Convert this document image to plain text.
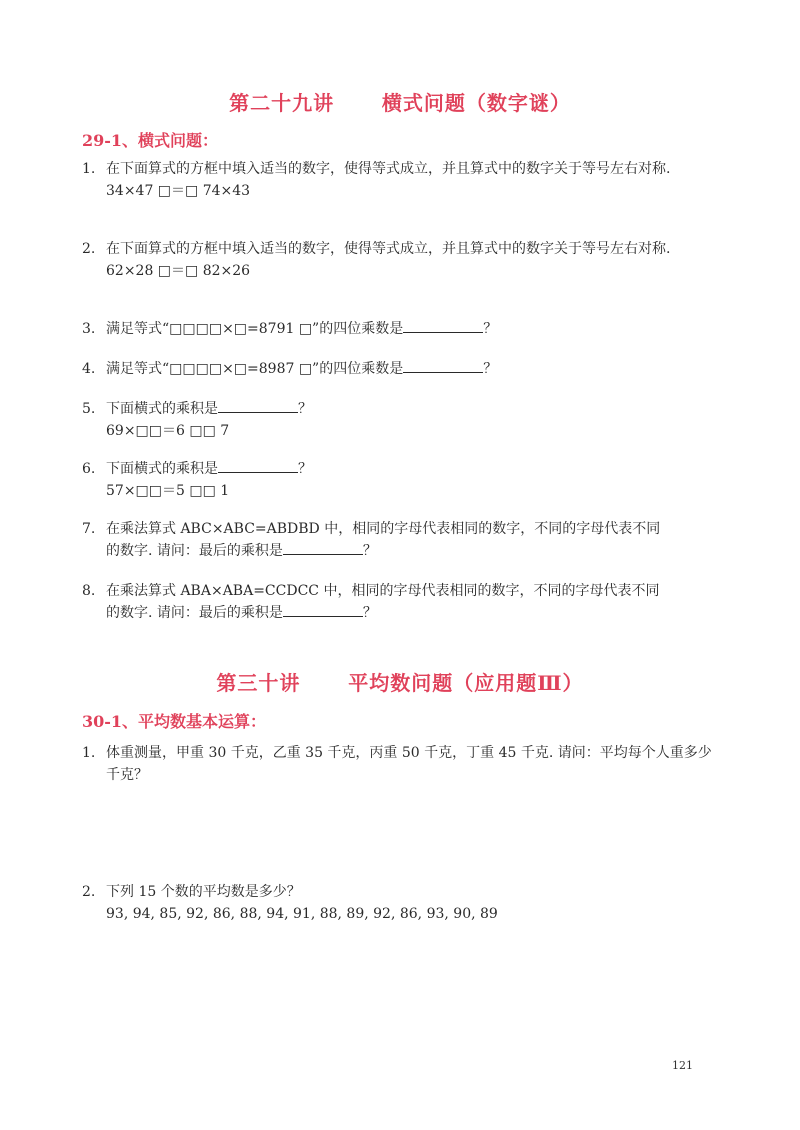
第二十九讲      横式问题（数字谜）
29-1、横式问题：
1. 在下面算式的方框中填入适当的数字，使得等式成立，并且算式中的数字关于等号左右对称.
34×47 □＝□ 74×43
2. 在下面算式的方框中填入适当的数字，使得等式成立，并且算式中的数字关于等号左右对称.
62×28 □＝□ 82×26
3. 满足等式“□□□□×□=8791 □”的四位乘数是	？
4. 满足等式“□□□□×□=8987 □”的四位乘数是	？
5. 下面横式的乘积是	？
69×□□＝6 □□ 7
6. 下面横式的乘积是	？
57×□□＝5 □□ 1
7. 在乘法算式 ABC×ABC=ABDBD 中，相同的字母代表相同的数字，不同的字母代表不同
的数字. 请问：最后的乘积是	？
8. 在乘法算式 ABA×ABA=CCDCC 中，相同的字母代表相同的数字，不同的字母代表不同
的数字. 请问：最后的乘积是	？
第三十讲      平均数问题（应用题Ⅲ）
30-1、平均数基本运算：
1. 体重测量，甲重 30 千克，乙重 35 千克，丙重 50 千克，丁重 45 千克. 请问：平均每个人重多少千克？
2. 下列 15 个数的平均数是多少？
93, 94, 85, 92, 86, 88, 94, 91, 88, 89, 92, 86, 93, 90, 89
121
